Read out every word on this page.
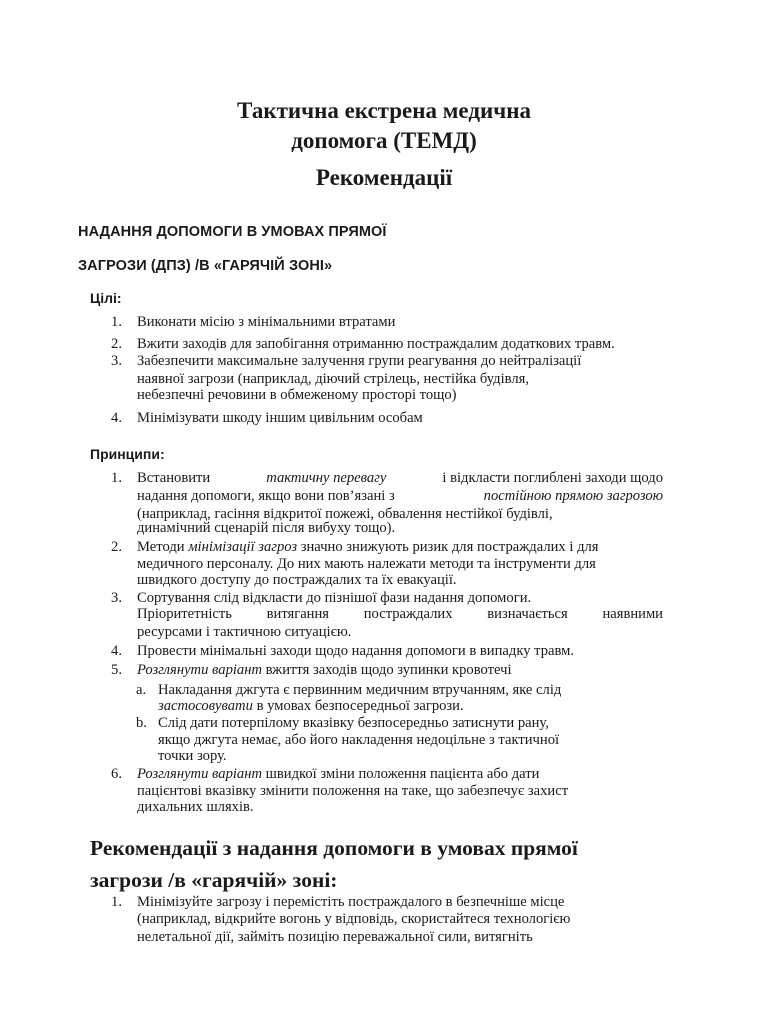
Тактична екстрена медична
допомога (ТЕМД)
Рекомендації
НАДАННЯ ДОПОМОГИ В УМОВАХ ПРЯМОЇ
ЗАГРОЗИ (ДПЗ) /В «ГАРЯЧІЙ ЗОНІ»
Цілі:
1. Виконати місію з мінімальними втратами
2. Вжити заходів для запобігання отриманню постраждалим додаткових травм.
3. Забезпечити максимальне залучення групи реагування до нейтралізації
наявної загрози (наприклад, діючий стрілець, нестійка будівля,
небезпечні речовини в обмеженому просторі тощо)
4. Мінімізувати шкоду іншим цивільним особам
Принципи:
1. Встановити	тактичну перевагу	і відкласти поглиблені заходи щодо
надання допомоги, якщо вони пов’язані з	постійною прямою загрозою
(наприклад, гасіння відкритої пожежі, обвалення нестійкої будівлі,
динамічний сценарій після вибуху тощо).
2. Методи мінімізації загроз значно знижують ризик для постраждалих і для
медичного персоналу. До них мають належати методи та інструменти для
швидкого доступу до постраждалих та їх евакуації.
3. Сортування слід відкласти до пізнішої фази надання допомоги.
Пріоритетність витягання постраждалих визначається наявними
ресурсами і тактичною ситуацією.
4. Провести мінімальні заходи щодо надання допомоги в випадку травм.
5. Розглянути варіант вжиття заходів щодо зупинки кровотечі
a. Накладання джгута є первинним медичним втручанням, яке слід
застосовувати в умовах безпосередньої загрози.
b. Слід дати потерпілому вказівку безпосередньо затиснути рану,
якщо джгута немає, або його накладення недоцільне з тактичної
точки зору.
6. Розглянути варіант швидкої зміни положення пацієнта або дати
пацієнтові вказівку змінити положення на таке, що забезпечує захист
дихальних шляхів.
Рекомендації з надання допомоги в умовах прямої
загрози /в «гарячій» зоні:
1. Мінімізуйте загрозу і перемістіть постраждалого в безпечніше місце
(наприклад, відкрийте вогонь у відповідь, скористайтеся технологією
нелетальної дії, займіть позицію переважальної сили, витягніть
